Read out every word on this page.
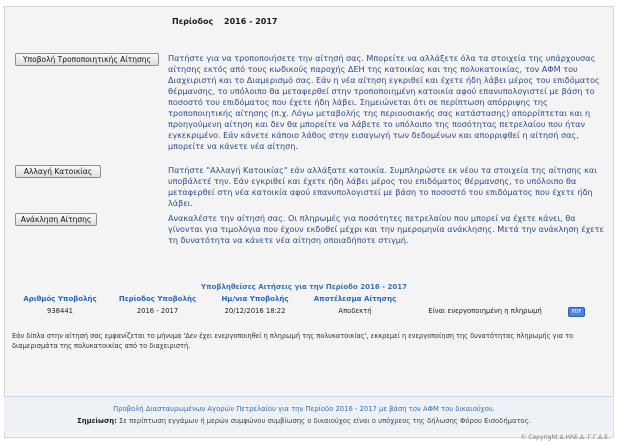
Περίοδος 2016 - 2017
Υποβολή Τροποποιητικής Αίτησης	Πατήστε για να τροποποιήσετε την αίτησή σας. Μπορείτε να αλλάξετε όλα τα στοιχεία της υπάρχουσας αίτησης εκτός από τους κωδικούς παροχής ΔΕΗ της κατοικίας και της πολυκατοικίας, τον ΑΦΜ του Διαχειριστή και το Διαμερισμό σας. Εάν η νέα αίτηση εγκριθεί και έχετε ήδη λάβει μέρος του επιδόματος θέρμανσης, το υπόλοιπο θα μεταφερθεί στην τροποποιημένη κατοικία αφού επανυπολογιστεί με βάση το ποσοστό του επιδόματος που έχετε ήδη λάβει. Σημειώνεται ότι σε περίπτωση απόρριψης της τροποποιητικής αίτησης (π.χ. Λόγω μεταβολής της περιουσιακής σας κατάστασης) απορρίπτεται και η προηγούμενη αίτηση και δεν θα μπορείτε να λάβετε το υπόλοιπο της ποσότητας πετρελαίου που ήταν εγκεκριμένο. Εάν κάνετε κάποιο λάθος στην εισαγωγή των δεδομένων και απορριφθεί η αίτησή σας, μπορείτε να κάνετε νέα αίτηση.
Αλλαγή Κατοικίας	Πατήστε "Αλλαγή Κατοικίας" εάν αλλάξατε κατοικία. Συμπληρώστε εκ νέου τα στοιχεία της αίτησης και υποβάλετέ την. Εάν εγκριθεί και έχετε ήδη λάβει μέρος του επιδόματος θέρμανσης, το υπόλοιπο θα μεταφερθεί στη νέα κατοικία αφού επανυπολογιστεί με βάση το ποσοστό του επιδόματος που έχετε ήδη λάβει.
Ανάκληση Αίτησης	Ανακαλέστε την αίτησή σας. Οι πληρωμές για ποσότητες πετρελαίου που μπορεί να έχετε κάνει, θα γίνονται για τιμολόγια που έχουν εκδοθεί μέχρι και την ημερομηνία ανάκλησης. Μετά την ανάκληση έχετε τη δυνατότητα να κάνετε νέα αίτηση οποιαδήποτε στιγμή.
Υποβληθείσες Αιτήσεις για την Περίοδο 2016 - 2017
Αριθμός Υποβολής	Περίοδος Υποβολής	Ημ/νια Υποβολής	Αποτέλεσμα Αίτησης
938441	2016 - 2017	20/12/2016 18:22	Αποδεκτή	Είναι ενεργοποιημένη η πληρωμή	PDF
Εάν δίπλα στην αίτησή σας εμφανίζεται το μήνυμα 'Δεν έχει ενεργοποιηθεί η πληρωμή της πολυκατοικίας', εκκρεμεί η ενεργοποίηση της δυνατότητας πληρωμής για το διαμερισμάτα της πολυκατοικίας από το διαχειριστή.
Προβολή Διασταυρωμένων Αγορών Πετρελαίου για την Περίοδο 2016 - 2017 με βάση τον ΑΦΜ του δικαιούχου.
Σημείωση: Σε περίπτωση εγγάμων ή μερών συμφώνου συμβίωσης ο δικαιούχος είναι ο υπόχρεος της δήλωσης Φόρου Εισοδήματος.
© Copyright Δ.ΗΛΕ.Δ. Γ.Γ.Δ.Ε.
